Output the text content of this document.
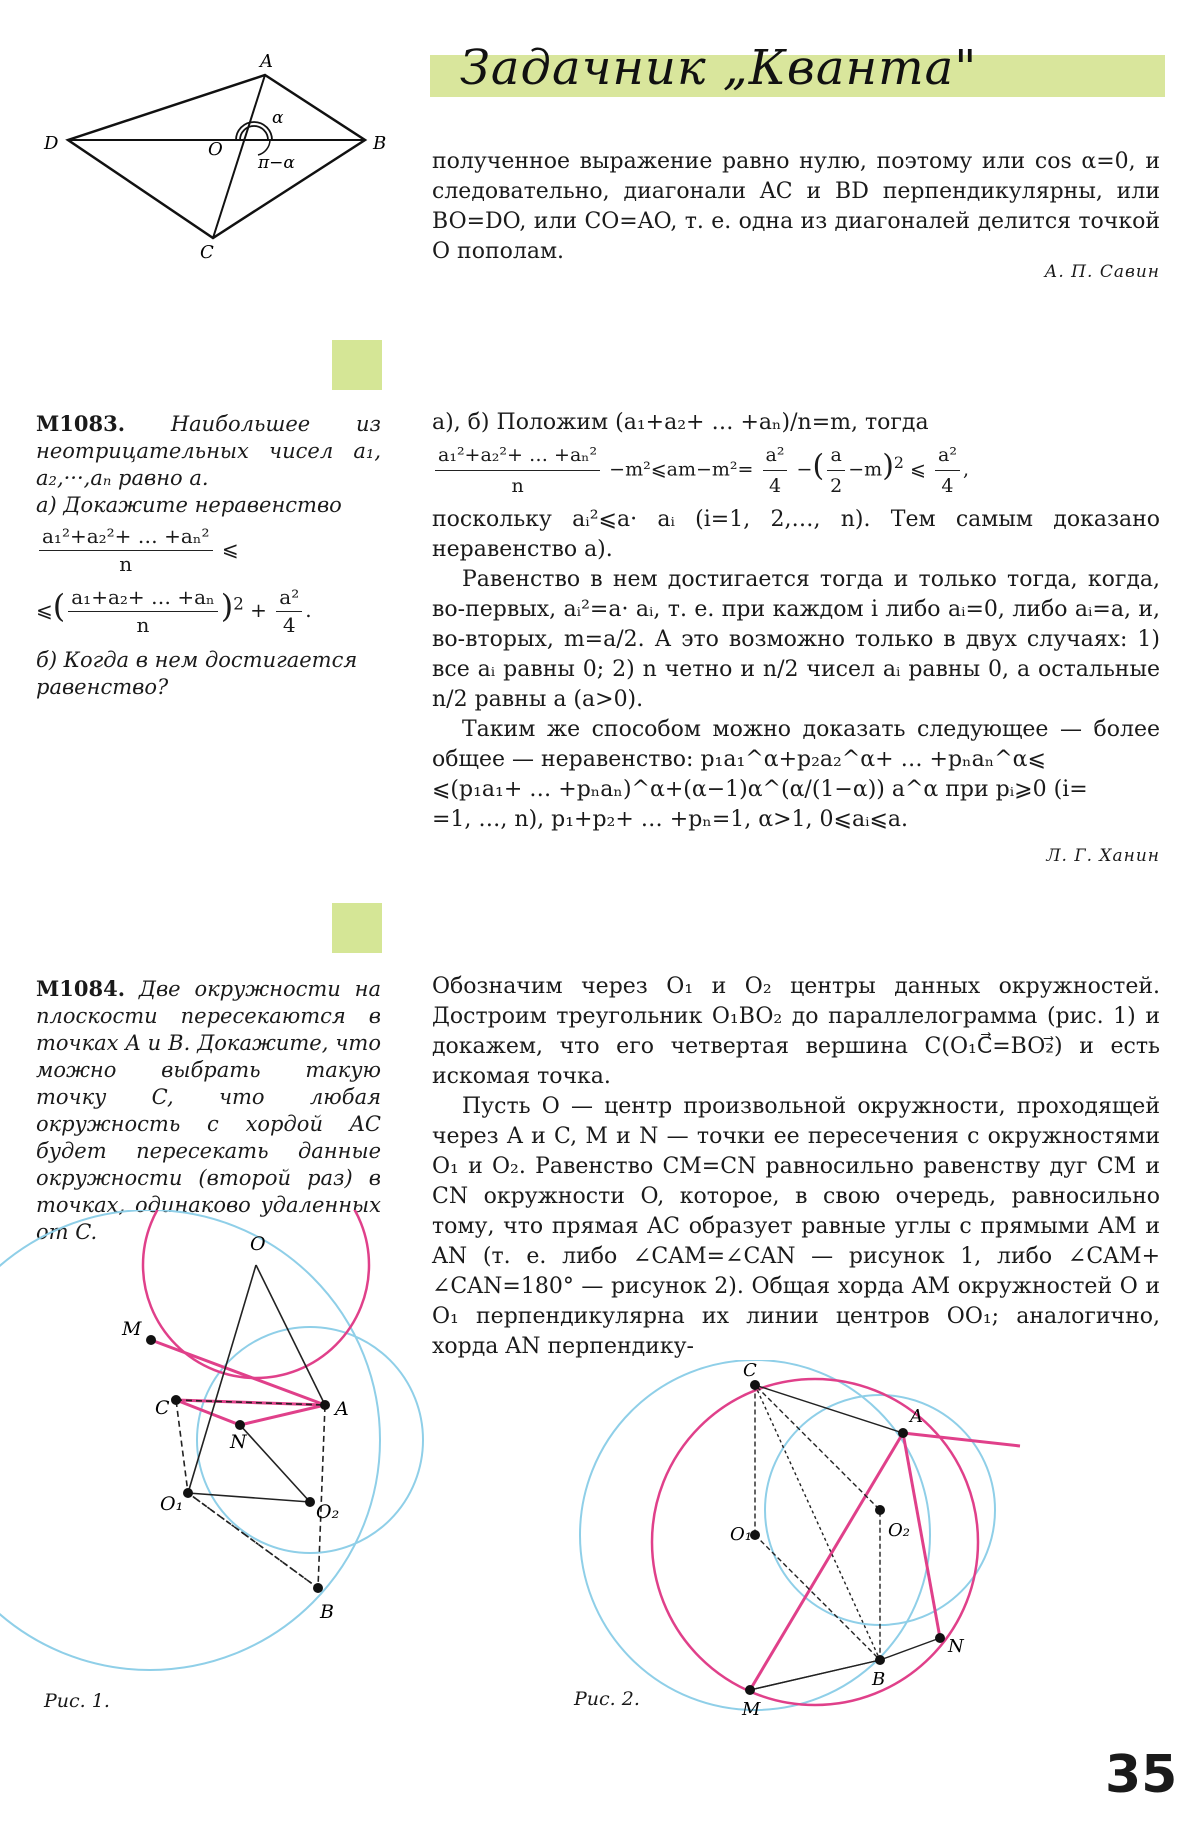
Задачник „Кванта"
A
B
C
D	O
α
π−α	полученное выражение равно нулю, поэтому или cos α=0, и следовательно, диагонали AC и BD перпендикулярны, или BO=DO, или CO=AO, т. е. одна из диагоналей делится точкой O пополам.
А. П. Савин

М1083. Наибольшее из неотрицательных чисел a₁, a₂,···,aₙ равно a.

а) Докажите неравенство

$\frac{\text{a₁²+a₂²+ … +aₙ²}}{n}$ ⩽
⩽( $\frac{\text{a₁+a₂+ … +aₙ}}{n} )^2 + \frac{\text{a²}}{4}$ .

б) Когда в нем достигается равенство?

а), б) Положим (a₁+a₂+ … +aₙ)/n=m, тогда

$\frac{\text{a₁²+a₂²+ … +aₙ²}}{n}$ −m²⩽am−m²= $\frac{\text{a²}}{4}$ −( $\frac{a}{2} -m)^2$ ⩽ $\frac{\text{a²}}{4}$ ,

поскольку aᵢ²⩽a· aᵢ (i=1, 2,…, n). Тем самым доказано неравенство а).

Равенство в нем достигается тогда и только тогда, когда, во-первых, aᵢ²=a· aᵢ, т. е. при каждом i либо aᵢ=0, либо aᵢ=a, и, во-вторых, m=a/2. А это возможно только в двух случаях: 1) все aᵢ равны 0; 2) n четно и n/2 чисел aᵢ равны 0, а остальные n/2 равны a (a>0).

Таким же способом можно доказать следующее — более общее — неравенство: p₁a₁^α+p₂a₂^α+ … +pₙaₙ^α⩽

⩽(p₁a₁+ … +pₙaₙ)^α+(α−1)α^(α/(1−α)) a^α при pᵢ⩾0 (i=

=1, …, n), p₁+p₂+ … +pₙ=1, α>1, 0⩽aᵢ⩽a.

Л. Г. Ханин
М1084. Две окружности на плоскости пересекаются в точках A и B. Докажите, что можно выбрать такую точку C, что любая окружность с хордой AC будет пересекать данные окружности (второй раз) в точках, одинаково удаленных от C.

Обозначим через O₁ и O₂ центры данных окружностей. Достроим треугольник O₁BO₂ до параллелограмма (рис. 1) и докажем, что его четвертая вершина C(O₁C⃗=BO₂⃗) и есть искомая точка.

Пусть O — центр произвольной окружности, проходящей через A и C, M и N — точки ее пересечения с окружностями O₁ и O₂. Равенство CM=CN равносильно равенству дуг CM и CN окружности O, которое, в свою очередь, равносильно тому, что прямая AC образует равные углы с прямыми AM и AN (т. е. либо ∠CAM=∠CAN — рисунок 1, либо ∠CAM+ ∠CAN=180° — рисунок 2). Общая хорда AM окружностей O и O₁ перпендикулярна их линии центров OO₁; аналогично, хорда AN перпендику-

O
M
C
N
A
O₁	O₂
B
Рис. 1.
C
A
O₁	O₂
B
N
M
Рис. 2.
35
